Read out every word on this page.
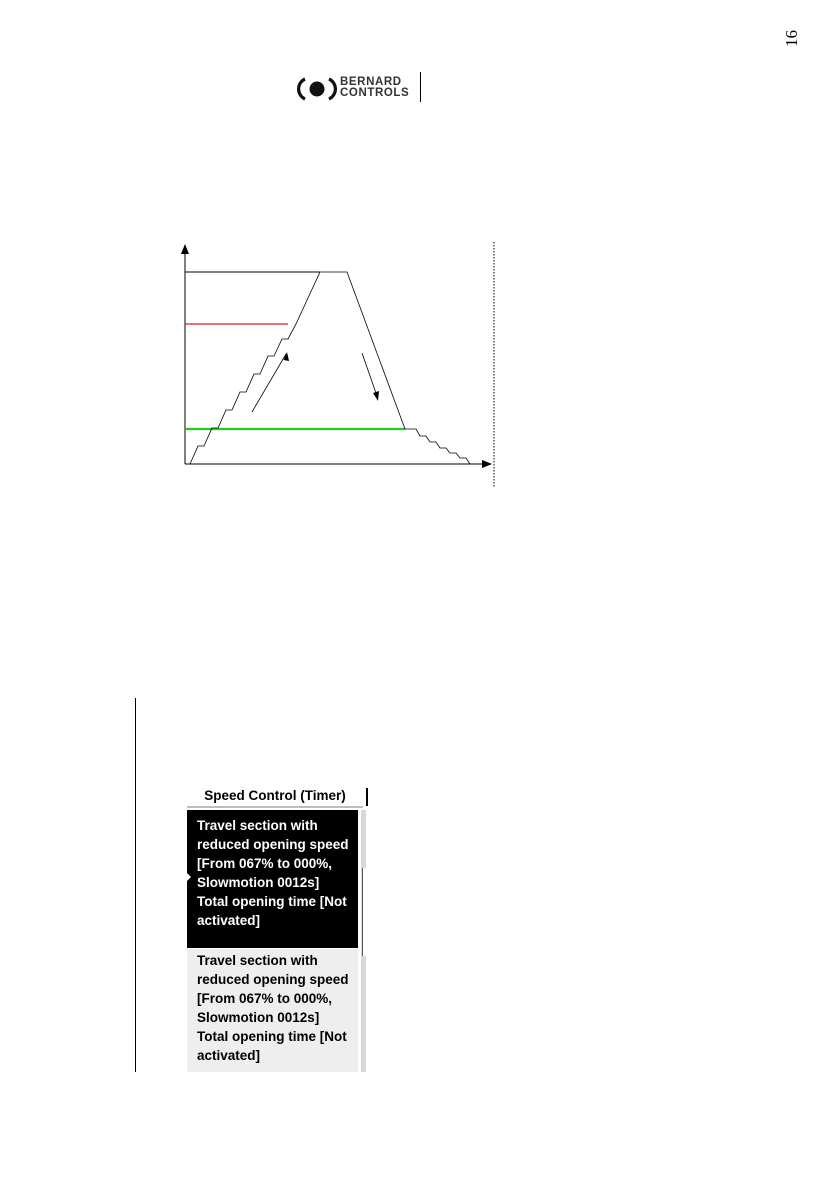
16
BERNARD
CONTROLS
Speed Control (Timer)
Travel section with
reduced opening speed
[From 067% to 000%,
Slowmotion 0012s]
Total opening time [Not
activated]
Travel section with
reduced opening speed
[From 067% to 000%,
Slowmotion 0012s]
Total opening time [Not
activated]
